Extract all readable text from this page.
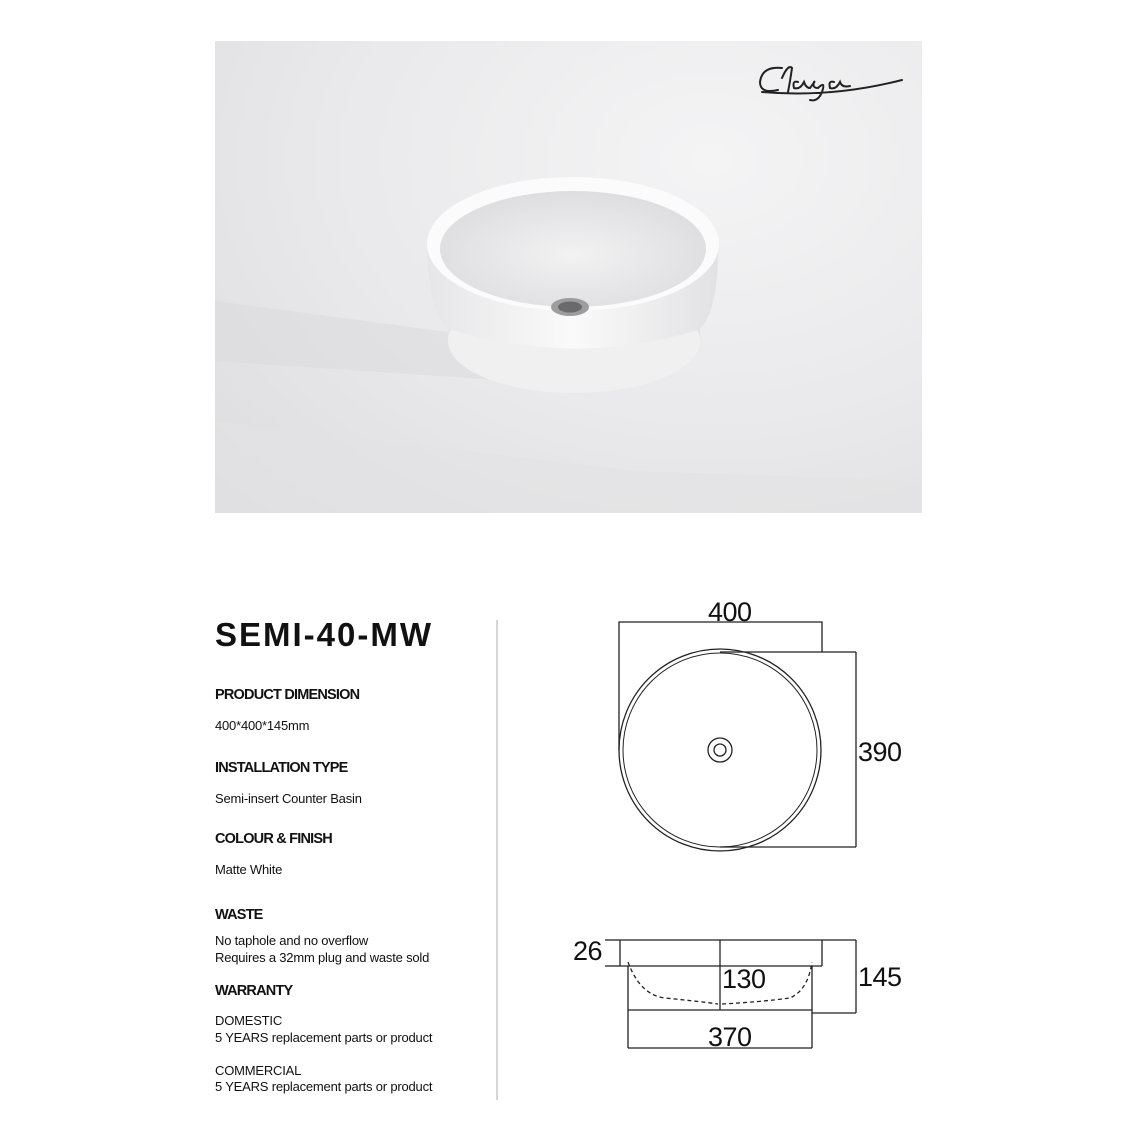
SEMI-40-MW
PRODUCT DIMENSION
400*400*145mm
INSTALLATION TYPE
Semi-insert Counter Basin
COLOUR & FINISH
Matte White
WASTE
No taphole and no overflow
Requires a 32mm plug and waste sold
WARRANTY
DOMESTIC
5 YEARS replacement parts or product
COMMERCIAL
5 YEARS replacement parts or product
400
390
26
130	145
370
